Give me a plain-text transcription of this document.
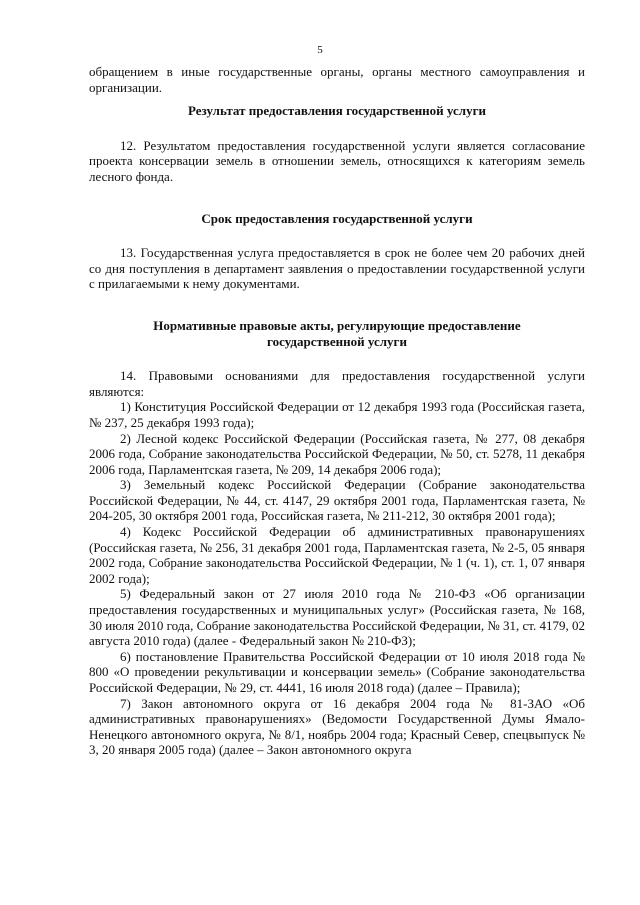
5

обращением в иные государственные органы, органы местного самоуправления и организации.

Результат предоставления государственной услуги

12. Результатом предоставления государственной услуги является согласование проекта консервации земель в отношении земель, относящихся к категориям земель лесного фонда.

Срок предоставления государственной услуги

13. Государственная услуга предоставляется в срок не более чем 20 рабочих дней со дня поступления в департамент заявления о предоставлении государственной услуги с прилагаемыми к нему документами.

Нормативные правовые акты, регулирующие предоставление
государственной услуги

14. Правовыми основаниями для предоставления государственной услуги являются:

1) Конституция Российской Федерации от 12 декабря 1993 года (Российская газета, № 237, 25 декабря 1993 года);

2) Лесной кодекс Российской Федерации (Российская газета, № 277, 08 декабря 2006 года, Собрание законодательства Российской Федерации, № 50, ст. 5278, 11 декабря 2006 года, Парламентская газета, № 209, 14 декабря 2006 года);

3) Земельный кодекс Российской Федерации (Собрание законодательства Российской Федерации, № 44, ст. 4147, 29 октября 2001 года, Парламентская газета, № 204-205, 30 октября 2001 года, Российская газета, № 211-212, 30 октября 2001 года);

4) Кодекс Российской Федерации об административных правонарушениях (Российская газета, № 256, 31 декабря 2001 года, Парламентская газета, № 2-5, 05 января 2002 года, Собрание законодательства Российской Федерации, № 1 (ч. 1), ст. 1, 07 января 2002 года);

5) Федеральный закон от 27 июля 2010 года № 210-ФЗ «Об организации предоставления государственных и муниципальных услуг» (Российская газета, № 168, 30 июля 2010 года, Собрание законодательства Российской Федерации, № 31, ст. 4179, 02 августа 2010 года) (далее - Федеральный закон № 210-ФЗ);

6) постановление Правительства Российской Федерации от 10 июля 2018 года № 800 «О проведении рекультивации и консервации земель» (Собрание законодательства Российской Федерации, № 29, ст. 4441, 16 июля 2018 года) (далее – Правила);

7) Закон автономного округа от 16 декабря 2004 года № 81-ЗАО «Об административных правонарушениях» (Ведомости Государственной Думы Ямало-Ненецкого автономного округа, № 8/1, ноябрь 2004 года; Красный Север, спецвыпуск № 3, 20 января 2005 года) (далее – Закон автономного округа
